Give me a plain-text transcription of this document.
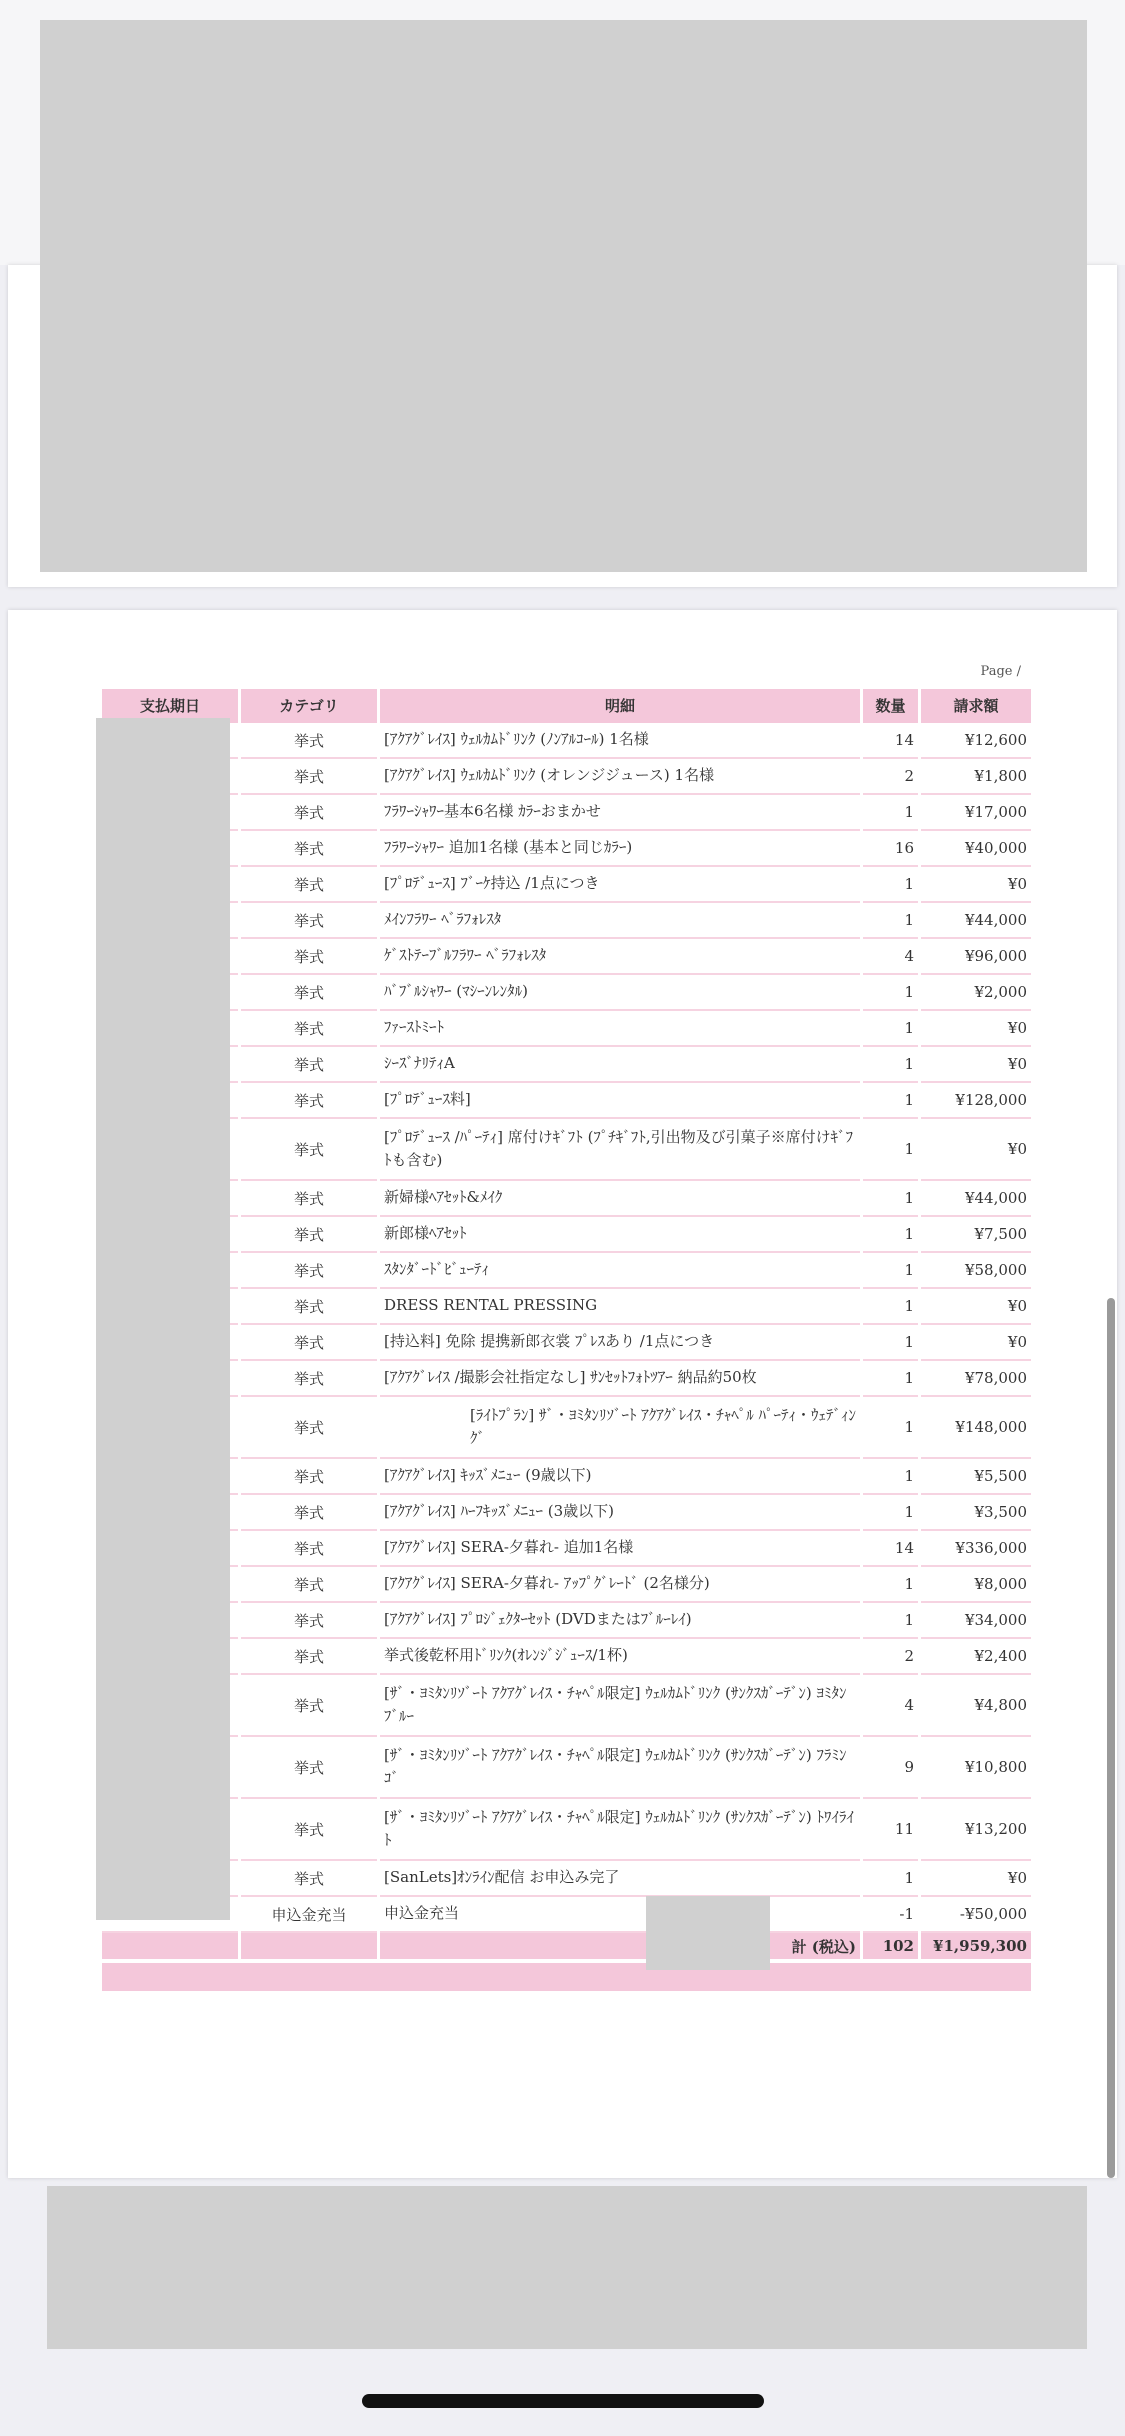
Page /
支払期日	カテゴリ	明細	数量	請求額
	挙式	[ｱｸｱｸﾞﾚｲｽ] ｳｪﾙｶﾑﾄﾞﾘﾝｸ (ﾉﾝｱﾙｺｰﾙ) 1名様	14	¥12,600
	挙式	[ｱｸｱｸﾞﾚｲｽ] ｳｪﾙｶﾑﾄﾞﾘﾝｸ (オレンジジュース) 1名様	2	¥1,800
	挙式	ﾌﾗﾜｰｼｬﾜｰ基本6名様 ｶﾗｰおまかせ	1	¥17,000
	挙式	ﾌﾗﾜｰｼｬﾜｰ 追加1名様 (基本と同じｶﾗｰ)	16	¥40,000
	挙式	[ﾌﾟﾛﾃﾞｭｰｽ] ﾌﾞｰｹ持込 /1点につき	1	¥0
	挙式	ﾒｲﾝﾌﾗﾜｰ ﾍﾞﾗﾌｫﾚｽﾀ	1	¥44,000
	挙式	ｹﾞｽﾄﾃｰﾌﾞﾙﾌﾗﾜｰ ﾍﾞﾗﾌｫﾚｽﾀ	4	¥96,000
	挙式	ﾊﾞﾌﾞﾙｼｬﾜｰ (ﾏｼｰﾝﾚﾝﾀﾙ)	1	¥2,000
	挙式	ﾌｧｰｽﾄﾐｰﾄ	1	¥0
	挙式	ｼｰｽﾞﾅﾘﾃｨA	1	¥0
	挙式	[ﾌﾟﾛﾃﾞｭｰｽ料]	1	¥128,000
	挙式	[ﾌﾟﾛﾃﾞｭｰｽ /ﾊﾟｰﾃｨ] 席付けｷﾞﾌﾄ (ﾌﾟﾁｷﾞﾌﾄ,引出物及び引菓子※席付けｷﾞﾌﾄも含む)	1	¥0
	挙式	新婦様ﾍｱｾｯﾄ&ﾒｲｸ	1	¥44,000
	挙式	新郎様ﾍｱｾｯﾄ	1	¥7,500
	挙式	ｽﾀﾝﾀﾞｰﾄﾞﾋﾞｭｰﾃｨ	1	¥58,000
	挙式	DRESS RENTAL PRESSING	1	¥0
	挙式	[持込料] 免除 提携新郎衣裳 ﾌﾟﾚｽあり /1点につき	1	¥0
	挙式	[ｱｸｱｸﾞﾚｲｽ /撮影会社指定なし] ｻﾝｾｯﾄﾌｫﾄﾂｱｰ 納品約50枚	1	¥78,000
	挙式	[ﾗｲﾄﾌﾟﾗﾝ] ｻﾞ・ﾖﾐﾀﾝﾘｿﾞｰﾄ ｱｸｱｸﾞﾚｲｽ・ﾁｬﾍﾟﾙ ﾊﾟｰﾃｨ・ｳｪﾃﾞｨﾝｸﾞ	1	¥148,000
	挙式	[ｱｸｱｸﾞﾚｲｽ] ｷｯｽﾞﾒﾆｭｰ (9歳以下)	1	¥5,500
	挙式	[ｱｸｱｸﾞﾚｲｽ] ﾊｰﾌｷｯｽﾞﾒﾆｭｰ (3歳以下)	1	¥3,500
	挙式	[ｱｸｱｸﾞﾚｲｽ] SERA-夕暮れ- 追加1名様	14	¥336,000
	挙式	[ｱｸｱｸﾞﾚｲｽ] SERA-夕暮れ- ｱｯﾌﾟｸﾞﾚｰﾄﾞ (2名様分)	1	¥8,000
	挙式	[ｱｸｱｸﾞﾚｲｽ] ﾌﾟﾛｼﾞｪｸﾀｰｾｯﾄ (DVDまたはﾌﾞﾙｰﾚｲ)	1	¥34,000
	挙式	挙式後乾杯用ﾄﾞﾘﾝｸ(ｵﾚﾝｼﾞｼﾞｭｰｽ/1杯)	2	¥2,400
	挙式	[ｻﾞ・ﾖﾐﾀﾝﾘｿﾞｰﾄ ｱｸｱｸﾞﾚｲｽ・ﾁｬﾍﾟﾙ限定] ｳｪﾙｶﾑﾄﾞﾘﾝｸ (ｻﾝｸｽｶﾞｰﾃﾞﾝ) ﾖﾐﾀﾝﾌﾞﾙｰ	4	¥4,800
	挙式	[ｻﾞ・ﾖﾐﾀﾝﾘｿﾞｰﾄ ｱｸｱｸﾞﾚｲｽ・ﾁｬﾍﾟﾙ限定] ｳｪﾙｶﾑﾄﾞﾘﾝｸ (ｻﾝｸｽｶﾞｰﾃﾞﾝ) ﾌﾗﾐﾝｺﾞ	9	¥10,800
	挙式	[ｻﾞ・ﾖﾐﾀﾝﾘｿﾞｰﾄ ｱｸｱｸﾞﾚｲｽ・ﾁｬﾍﾟﾙ限定] ｳｪﾙｶﾑﾄﾞﾘﾝｸ (ｻﾝｸｽｶﾞｰﾃﾞﾝ) ﾄﾜｲﾗｲﾄ	11	¥13,200
	挙式	[SanLets]ｵﾝﾗｲﾝ配信 お申込み完了	1	¥0
	申込金充当	申込金充当	-1	-¥50,000
		計 (税込)	102	¥1,959,300
